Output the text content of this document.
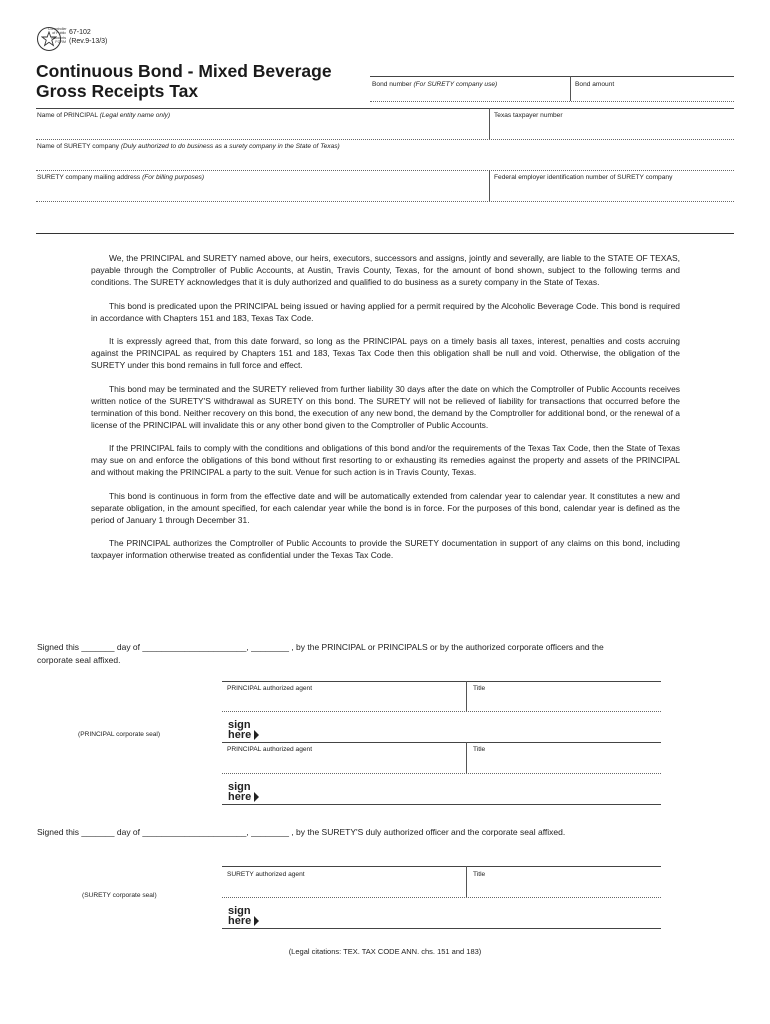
Comptroller
of Public
Accounts
FORM
67-102
(Rev.9-13/3)
Continuous Bond - Mixed Beverage
Gross Receipts Tax	Bond number (For SURETY company use)	Bond amount
Name of PRINCIPAL (Legal entity name only)	Texas taxpayer number
Name of SURETY company (Duly authorized to do business as a surety company in the State of Texas)
SURETY company mailing address (For billing purposes)	Federal employer identification number of SURETY company

We, the PRINCIPAL and SURETY named above, our heirs, executors, successors and assigns, jointly and severally, are liable to the STATE OF TEXAS, payable through the Comptroller of Public Accounts, at Austin, Travis County, Texas, for the amount of bond shown, subject to the following terms and conditions. The SURETY acknowledges that it is duly authorized and qualified to do business as a surety company in the State of Texas.

This bond is predicated upon the PRINCIPAL being issued or having applied for a permit required by the Alcoholic Beverage Code. This bond is required in accordance with Chapters 151 and 183, Texas Tax Code.

It is expressly agreed that, from this date forward, so long as the PRINCIPAL pays on a timely basis all taxes, interest, penalties and costs accruing against the PRINCIPAL as required by Chapters 151 and 183, Texas Tax Code then this obligation shall be null and void. Otherwise, the obligation of the SURETY under this bond remains in full force and effect.

This bond may be terminated and the SURETY relieved from further liability 30 days after the date on which the Comptroller of Public Accounts receives written notice of the SURETY'S withdrawal as SURETY on this bond. The SURETY will not be relieved of liability for transactions that occurred before the termination of this bond. Neither recovery on this bond, the execution of any new bond, the demand by the Comptroller for additional bond, or the renewal of a license of the PRINCIPAL will invalidate this or any other bond given to the Comptroller of Public Accounts.

If the PRINCIPAL fails to comply with the conditions and obligations of this bond and/or the requirements of the Texas Tax Code, then the State of Texas may sue on and enforce the obligations of this bond without first resorting to or exhausting its remedies against the property and assets of the PRINCIPAL and without making the PRINCIPAL a party to the suit. Venue for such action is in Travis County, Texas.

This bond is continuous in form from the effective date and will be automatically extended from calendar year to calendar year. It constitutes a new and separate obligation, in the amount specified, for each calendar year while the bond is in force. For the purposes of this bond, calendar year is defined as the period of January 1 through December 31.

The PRINCIPAL authorizes the Comptroller of Public Accounts to provide the SURETY documentation in support of any claims on this bond, including taxpayer information otherwise treated as confidential under the Texas Tax Code.

Signed this _______ day of ______________________, ________ , by the PRINCIPAL or PRINCIPALS or by the authorized corporate officers and the
corporate seal affixed.
PRINCIPAL authorized agent	Title
(PRINCIPAL corporate seal)
sign
here
PRINCIPAL authorized agent	Title
sign
here
Signed this _______ day of ______________________, ________ , by the SURETY'S duly authorized officer and the corporate seal affixed.
SURETY authorized agent	Title
(SURETY corporate seal)
sign
here
(Legal citations: TEX. TAX CODE ANN. chs. 151 and 183)
